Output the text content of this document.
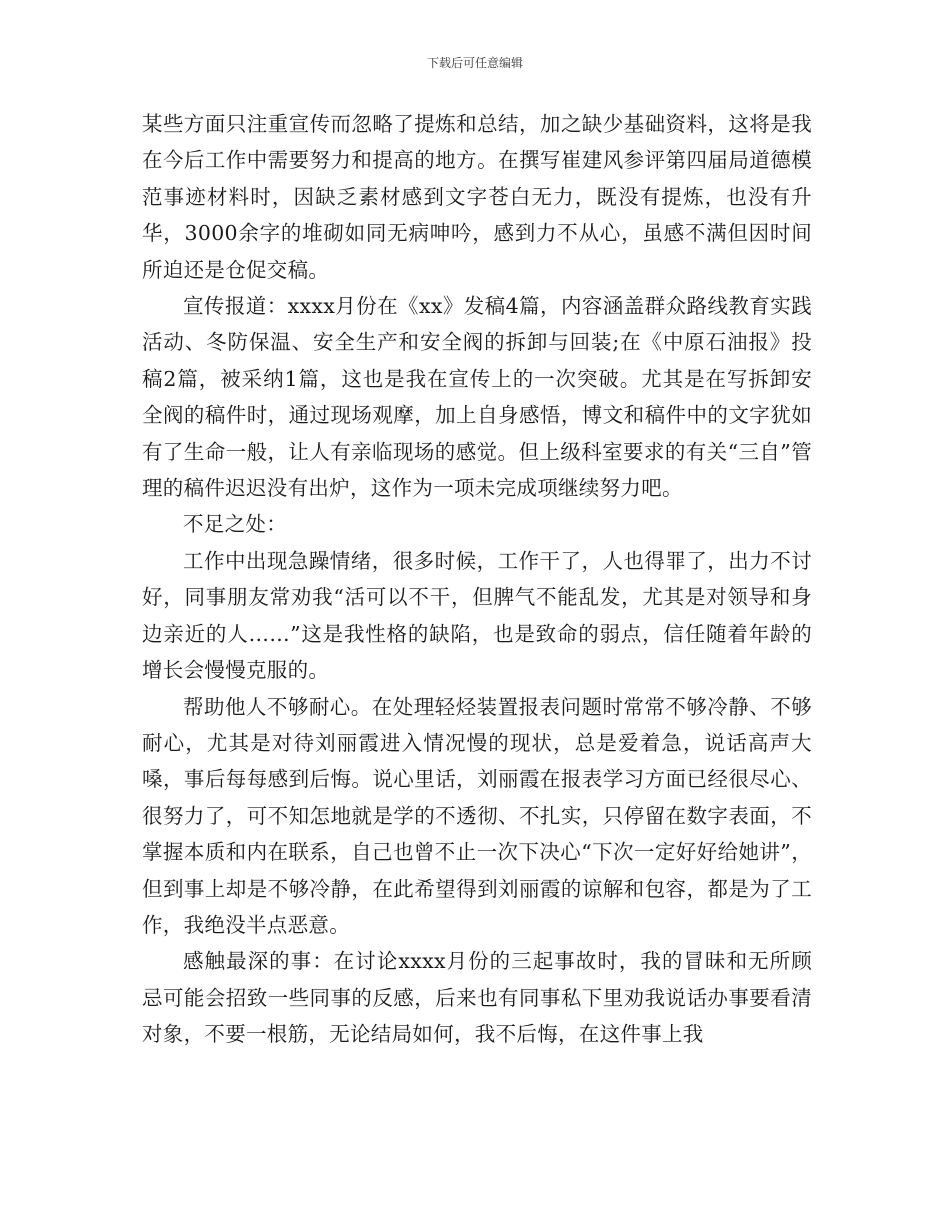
下载后可任意编辑

某些方面只注重宣传而忽略了提炼和总结，加之缺少基础资料，这将是我在今后工作中需要努力和提高的地方。在撰写崔建风参评第四届局道德模范事迹材料时，因缺乏素材感到文字苍白无力，既没有提炼，也没有升华，3000余字的堆砌如同无病呻吟，感到力不从心，虽感不满但因时间所迫还是仓促交稿。

宣传报道：xxxx月份在《xx》发稿4篇，内容涵盖群众路线教育实践活动、冬防保温、安全生产和安全阀的拆卸与回装;在《中原石油报》投稿2篇，被采纳1篇，这也是我在宣传上的一次突破。尤其是在写拆卸安全阀的稿件时，通过现场观摩，加上自身感悟，博文和稿件中的文字犹如有了生命一般，让人有亲临现场的感觉。但上级科室要求的有关“三自”管理的稿件迟迟没有出炉，这作为一项未完成项继续努力吧。

不足之处：

工作中出现急躁情绪，很多时候，工作干了，人也得罪了，出力不讨好，同事朋友常劝我“活可以不干，但脾气不能乱发，尤其是对领导和身边亲近的人……”这是我性格的缺陷，也是致命的弱点，信任随着年龄的增长会慢慢克服的。

帮助他人不够耐心。在处理轻烃装置报表问题时常常不够冷静、不够耐心，尤其是对待刘丽霞进入情况慢的现状，总是爱着急，说话高声大嗓，事后每每感到后悔。说心里话，刘丽霞在报表学习方面已经很尽心、很努力了，可不知怎地就是学的不透彻、不扎实，只停留在数字表面，不掌握本质和内在联系，自己也曾不止一次下决心“下次一定好好给她讲”，但到事上却是不够冷静，在此希望得到刘丽霞的谅解和包容，都是为了工作，我绝没半点恶意。

感触最深的事：在讨论xxxx月份的三起事故时，我的冒昧和无所顾忌可能会招致一些同事的反感，后来也有同事私下里劝我说话办事要看清对象，不要一根筋，无论结局如何，我不后悔，在这件事上我
